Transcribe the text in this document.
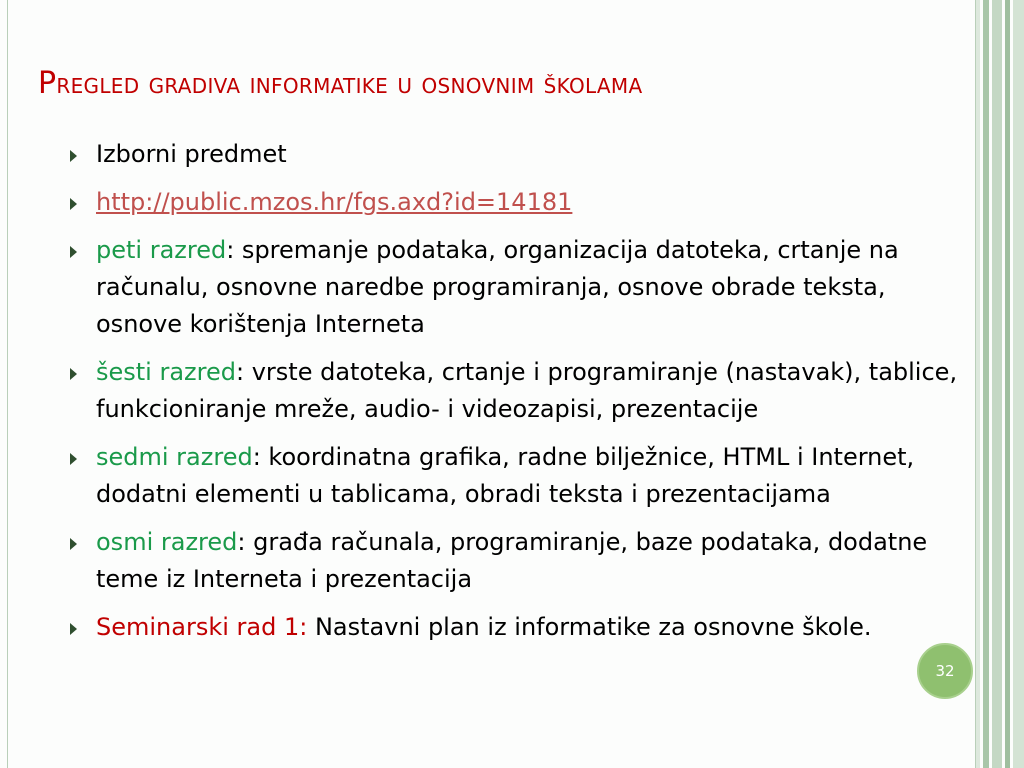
Pregled gradiva informatike u osnovnim školama
Izborni predmet
http://public.mzos.hr/fgs.axd?id=14181
peti razred: spremanje podataka, organizacija datoteka, crtanje na računalu, osnovne naredbe programiranja, osnove obrade teksta, osnove korištenja Interneta
šesti razred: vrste datoteka, crtanje i programiranje (nastavak), tablice, funkcioniranje mreže, audio- i videozapisi, prezentacije
sedmi razred: koordinatna grafika, radne bilježnice, HTML i Internet, dodatni elementi u tablicama, obradi teksta i prezentacijama
osmi razred: građa računala, programiranje, baze podataka, dodatne teme iz Interneta i prezentacija
Seminarski rad 1: Nastavni plan iz informatike za osnovne škole.
32
